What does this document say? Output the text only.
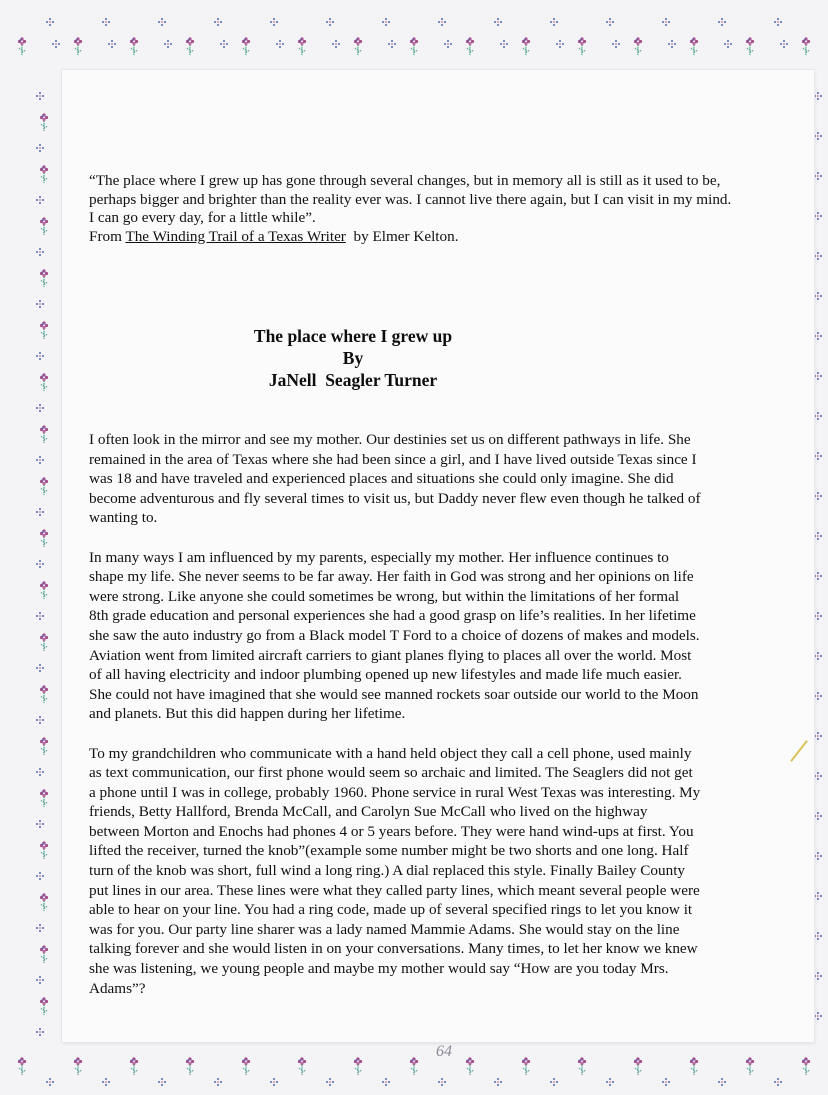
“The place where I grew up has gone through several changes, but in memory all is still as it used to be, perhaps bigger and brighter than the reality ever was. I cannot live there again, but I can visit in my mind. I can go every day, for a little while”.
From The Winding Trail of a Texas Writer  by Elmer Kelton.

The place where I grew up
By
JaNell  Seagler Turner

I often look in the mirror and see my mother. Our destinies set us on different pathways in life. She remained in the area of Texas where she had been since a girl, and I have lived outside Texas since I was 18 and have traveled and experienced places and situations she could only imagine. She did become adventurous and fly several times to visit us, but Daddy never flew even though he talked of wanting to.

In many ways I am influenced by my parents, especially my mother. Her influence continues to shape my life. She never seems to be far away. Her faith in God was strong and her opinions on life were strong. Like anyone she could sometimes be wrong, but within the limitations of her formal 8th grade education and personal experiences she had a good grasp on life’s realities. In her lifetime she saw the auto industry go from a Black model T Ford to a choice of dozens of makes and models. Aviation went from limited aircraft carriers to giant planes flying to places all over the world. Most of all having electricity and indoor plumbing opened up new lifestyles and made life much easier. She could not have imagined that she would see manned rockets soar outside our world to the Moon and planets. But this did happen during her lifetime.

To my grandchildren who communicate with a hand held object they call a cell phone, used mainly as text communication, our first phone would seem so archaic and limited. The Seaglers did not get a phone until I was in college, probably 1960. Phone service in rural West Texas was interesting. My friends, Betty Hallford, Brenda McCall, and Carolyn Sue McCall who lived on the highway between Morton and Enochs had phones 4 or 5 years before. They were hand wind-ups at first. You lifted the receiver, turned the knob”(example some number might be two shorts and one long. Half turn of the knob was short, full wind a long ring.) A dial replaced this style. Finally Bailey County put lines in our area. These lines were what they called party lines, which meant several people were able to hear on your line. You had a ring code, made up of several specified rings to let you know it was for you. Our party line sharer was a lady named Mammie Adams. She would stay on the line talking forever and she would listen in on your conversations. Many times, to let her know we knew she was listening, we young people and maybe my mother would say “How are you today Mrs. Adams”?

64
